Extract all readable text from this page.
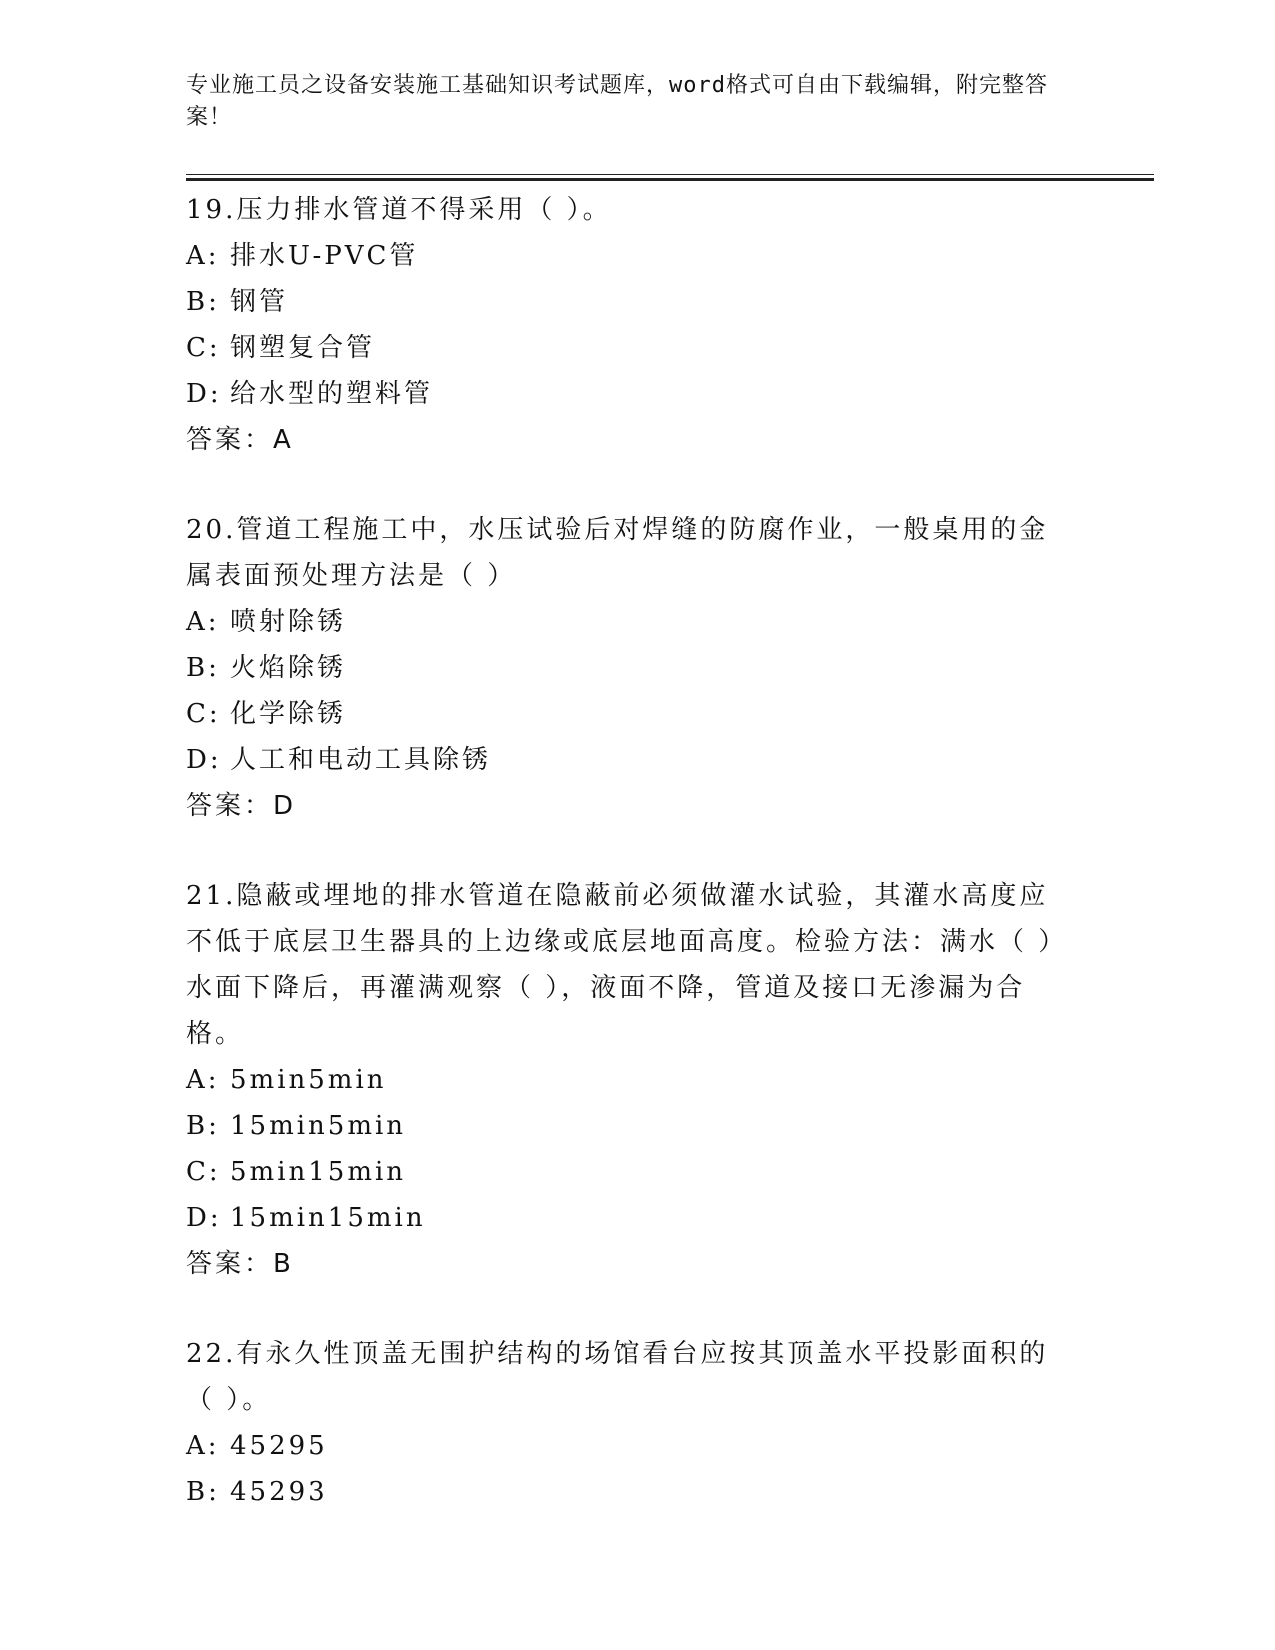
专业施工员之设备安装施工基础知识考试题库，word格式可自由下载编辑，附完整答案！

19.压力排水管道不得采用（ ）。

A: 排水U-PVC管

B: 钢管

C: 钢塑复合管

D: 给水型的塑料管

答案：A

20.管道工程施工中，水压试验后对焊缝的防腐作业，一般桌用的金属表面预处理方法是（ ）

A: 喷射除锈

B: 火焰除锈

C: 化学除锈

D: 人工和电动工具除锈

答案：D

21.隐蔽或埋地的排水管道在隐蔽前必须做灌水试验，其灌水高度应不低于底层卫生器具的上边缘或底层地面高度。检验方法：满水（ ）水面下降后，再灌满观察（ ），液面不降，管道及接口无渗漏为合格。

A: 5min5min

B: 15min5min

C: 5min15min

D: 15min15min

答案：B

22.有永久性顶盖无围护结构的场馆看台应按其顶盖水平投影面积的（ ）。

A: 45295

B: 45293
